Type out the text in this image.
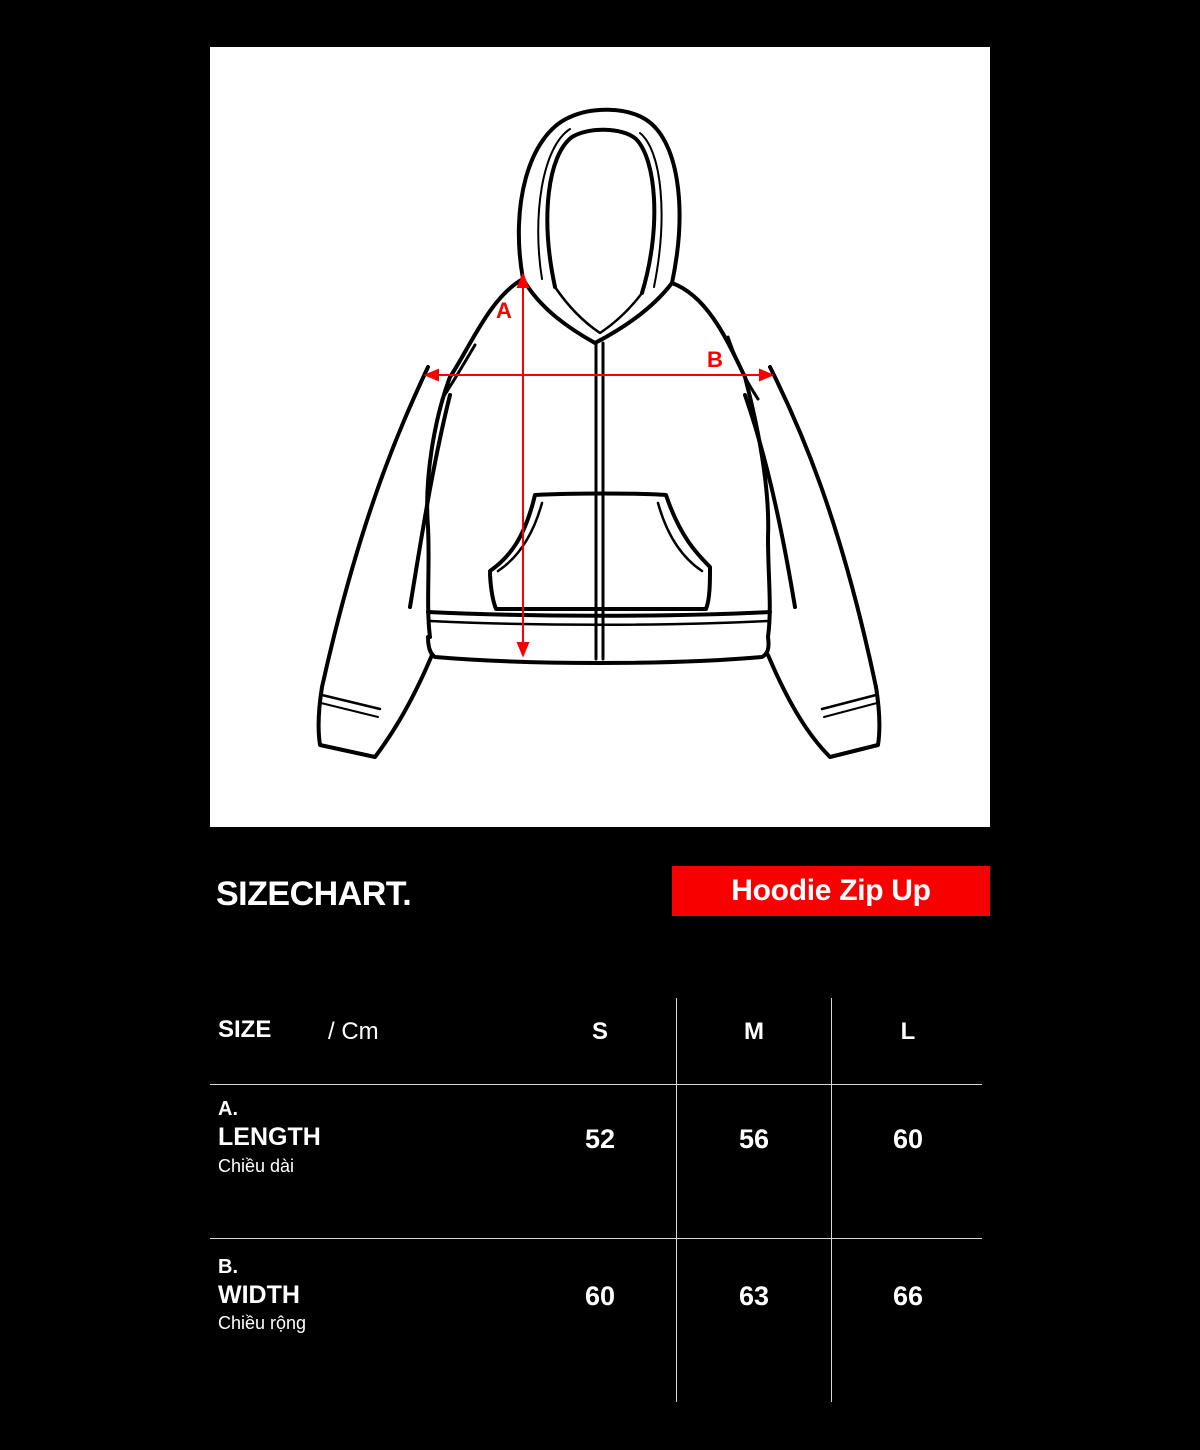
A
B
SIZECHART.	Hoodie Zip Up
SIZE / Cm	S	M	L
A.
LENGTH
Chiều dài
52	56	60
B.
WIDTH
Chiều rộng
60	63	66
